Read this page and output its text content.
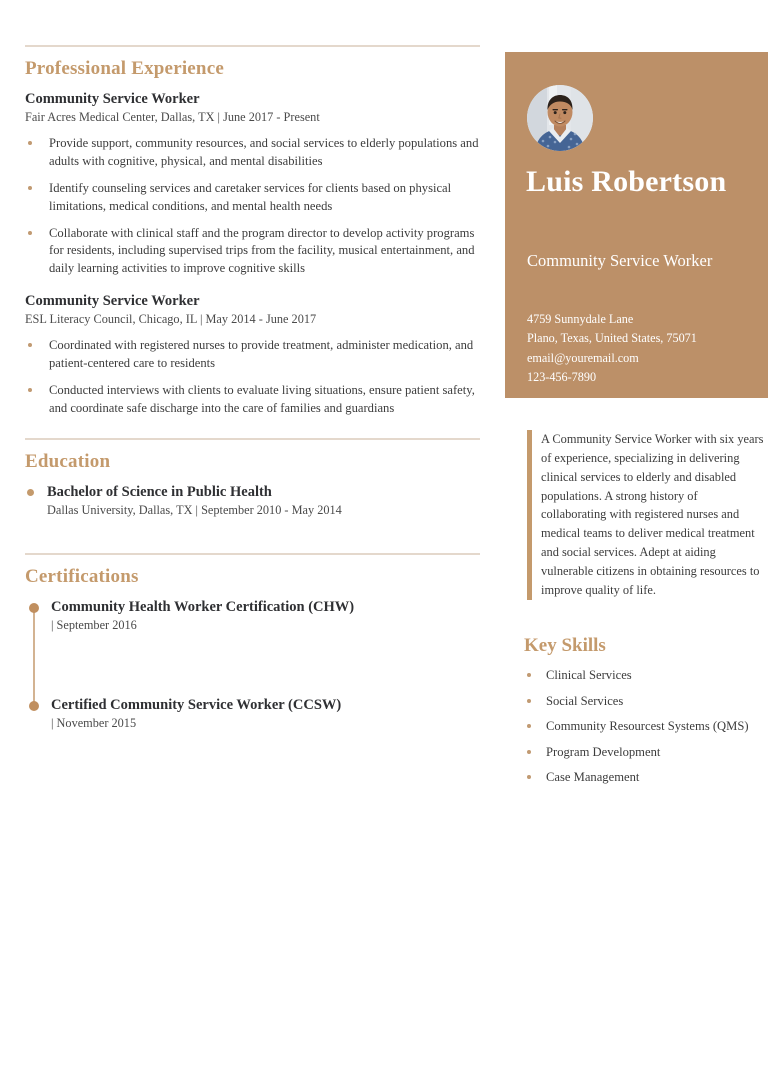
Professional Experience
Community Service Worker
Fair Acres Medical Center, Dallas, TX | June 2017 - Present
Provide support, community resources, and social services to elderly populations and adults with cognitive, physical, and mental disabilities
Identify counseling services and caretaker services for clients based on physical limitations, medical conditions, and mental health needs
Collaborate with clinical staff and the program director to develop activity programs for residents, including supervised trips from the facility, musical entertainment, and daily learning activities to improve cognitive skills
Community Service Worker
ESL Literacy Council, Chicago, IL | May 2014 - June 2017
Coordinated with registered nurses to provide treatment, administer medication, and patient-centered care to residents
Conducted interviews with clients to evaluate living situations, ensure patient safety, and coordinate safe discharge into the care of families and guardians
Education
Bachelor of Science in Public Health
Dallas University, Dallas, TX | September 2010 - May 2014
Certifications
Community Health Worker Certification (CHW)
| September 2016
Certified Community Service Worker (CCSW)
| November 2015
Luis Robertson
Community Service Worker
4759 Sunnydale Lane
Plano, Texas, United States, 75071
email@youremail.com
123-456-7890
A Community Service Worker with six years of experience, specializing in delivering clinical services to elderly and disabled populations. A strong history of collaborating with registered nurses and medical teams to deliver medical treatment and social services. Adept at aiding vulnerable citizens in obtaining resources to improve quality of life.
Key Skills
Clinical Services
Social Services
Community Resourcest Systems (QMS)
Program Development
Case Management
